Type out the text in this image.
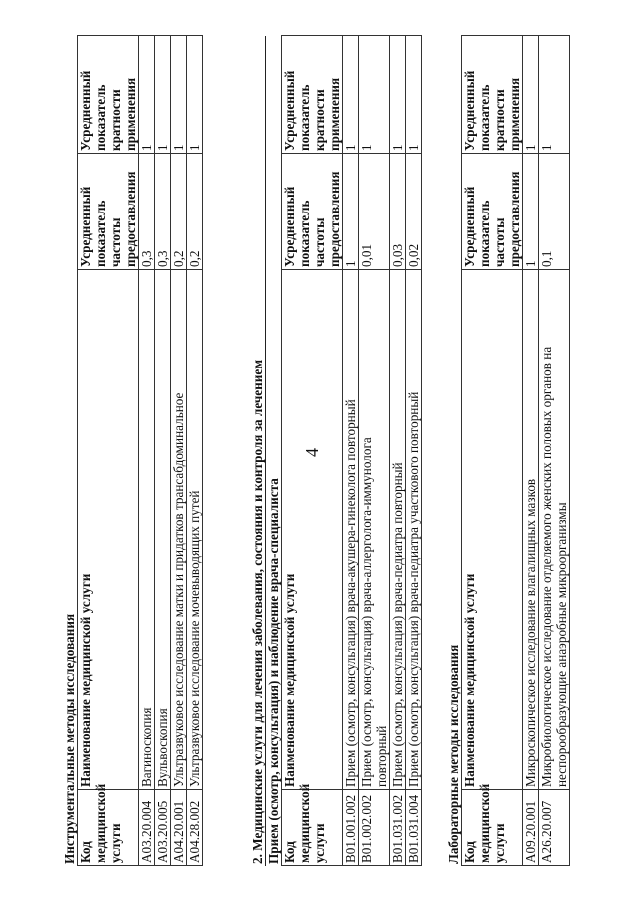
4
Инструментальные методы исследования Код медицинской услуги	Наименование медицинской услуги	Усредненный показатель частоты предоставления	Усредненный показатель кратности применения
A03.20.004	Вагиноскопия	0,3	1
A03.20.005	Вульвоскопия	0,3	1
A04.20.001	Ультразвуковое исследование матки и придатков трансабдоминальное	0,2	1
A04.28.002	Ультразвуковое исследование мочевыводящих путей	0,2	1
2. Медицинские услуги для лечения заболевания, состояния и контроля за лечением Прием (осмотр, консультация) и наблюдение врача-специалиста Код медицинской услуги	Наименование медицинской услуги	Усредненный показатель частоты предоставления	Усредненный показатель кратности применения
B01.001.002	Прием (осмотр, консультация) врача-акушера-гинеколога повторный	1	1
B01.002.002	Прием (осмотр, консультация) врача-аллерголога-иммунолога повторный	0,01	1
B01.031.002	Прием (осмотр, консультация) врача-педиатра повторный	0,03	1
B01.031.004	Прием (осмотр, консультация) врача-педиатра участкового повторный	0,02	1
Лабораторные методы исследования Код медицинской услуги	Наименование медицинской услуги	Усредненный показатель частоты предоставления	Усредненный показатель кратности применения
A09.20.001	Микроскопическое исследование влагалищных мазков	1	1
A26.20.007	Микробиологическое исследование отделяемого женских половых органов на неспорообразующие анаэробные микроорганизмы	0,1	1
